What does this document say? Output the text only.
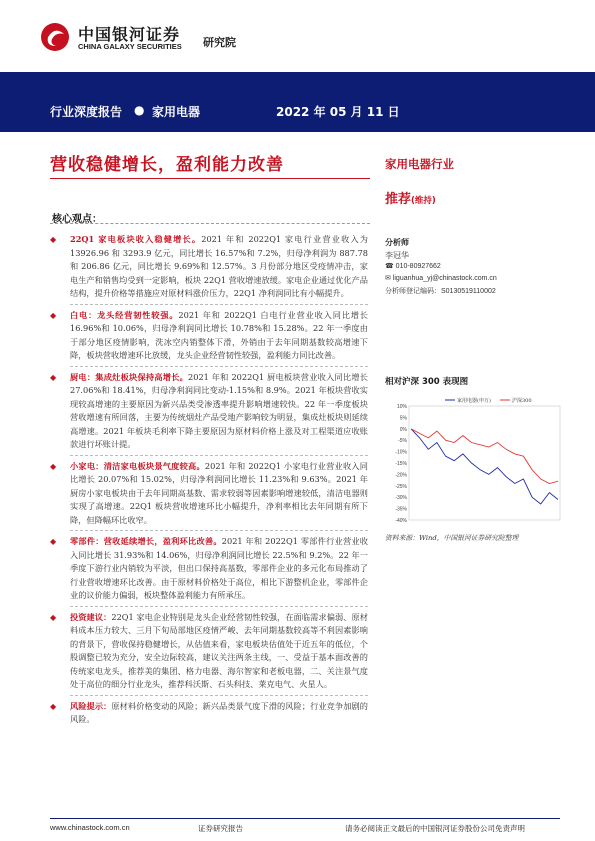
中国银河证券
CHINA GALAXY SECURITIES 研究院
行业深度报告 ● 家用电器	2022 年 05 月 11 日
营收稳健增长，盈利能力改善	家用电器行业
推荐(维持)
核心观点：
◆ 22Q1 家电板块收入稳健增长。2021 年和 2022Q1 家电行业营业收入为 13926.96 和 3293.9 亿元，同比增长 16.57%和 7.2%，归母净利润为 887.78 和 206.86 亿元，同比增长 9.69%和 12.57%。3 月份部分地区受疫情冲击，家电生产和销售均受到一定影响，板块 22Q1 营收增速放缓。家电企业通过优化产品结构，提升价格等措施应对原材料涨价压力，22Q1 净利润同比有小幅提升。
◆ 白电：龙头经营韧性较强。2021 年和 2022Q1 白电行业营业收入同比增长 16.96%和 10.06%，归母净利润同比增长 10.78%和 15.28%。22 年一季度由于部分地区疫情影响，洗冰空内销整体下滑，外销由于去年同期基数较高增速下降，板块营收增速环比放缓，龙头企业经营韧性较强，盈利能力同比改善。
◆ 厨电：集成灶板块保持高增长。2021 年和 2022Q1 厨电板块营业收入同比增长 27.06%和 18.41%，归母净利润同比变动-1.15%和 8.9%。2021 年板块营收实现较高增速的主要原因为新兴品类受渗透率提升影响增速较快。22 年一季度板块营收增速有所回落，主要为传统烟灶产品受地产影响较为明显，集成灶板块则延续高增速。2021 年板块毛利率下降主要原因为原材料价格上涨及对工程渠道应收账款进行坏账计提。
◆ 小家电：清洁家电板块景气度较高。2021 年和 2022Q1 小家电行业营业收入同比增长 20.07%和 15.02%，归母净利润同比增长 11.23%和 9.63%。2021 年厨房小家电板块由于去年同期高基数、需求较弱等因素影响增速较低，清洁电器则实现了高增速。22Q1 板块营收增速环比小幅提升，净利率相比去年同期有所下降，但降幅环比收窄。
◆ 零部件：营收延续增长，盈利环比改善。2021 年和 2022Q1 零部件行业营业收入同比增长 31.93%和 14.06%，归母净利润同比增长 22.5%和 9.2%。22 年一季度下游行业内销较为平淡，但出口保持高基数，零部件企业的多元化布局推动了行业营收增速环比改善。由于原材料价格处于高位，相比下游整机企业，零部件企业的议价能力偏弱，板块整体盈利能力有所承压。
◆ 投资建议：22Q1 家电企业特别是龙头企业经营韧性较强，在面临需求偏弱、原材料成本压力较大、三月下旬局部地区疫情严峻、去年同期基数较高等不利因素影响的背景下，营收保持稳健增长，从估值来看，家电板块估值处于近五年的低位，个股调整已较为充分，安全边际较高，建议关注两条主线，一、受益于基本面改善的传统家电龙头，推荐美的集团、格力电器、海尔智家和老板电器，二、关注景气度处于高位的细分行业龙头，推荐科沃斯、石头科技、莱克电气、火星人。
◆ 风险提示：原材料价格变动的风险；新兴品类景气度下滑的风险；行业竞争加剧的风险。
分析师
李冠华
☎ 010-80927662
✉ liguanhua_yj@chinastock.com.cn
分析师登记编码：S0130519110002
相对沪深 300 表现图
10%
5%
0%
-5%
-10%
-15%
-20%
-25%
-30%
-35%
-40%
家用电器(申万)	沪深300
资料来源：Wind，中国银河证券研究院整理
www.chinastock.com.cn	证券研究报告	请务必阅读正文最后的中国银河证券股份公司免责声明
